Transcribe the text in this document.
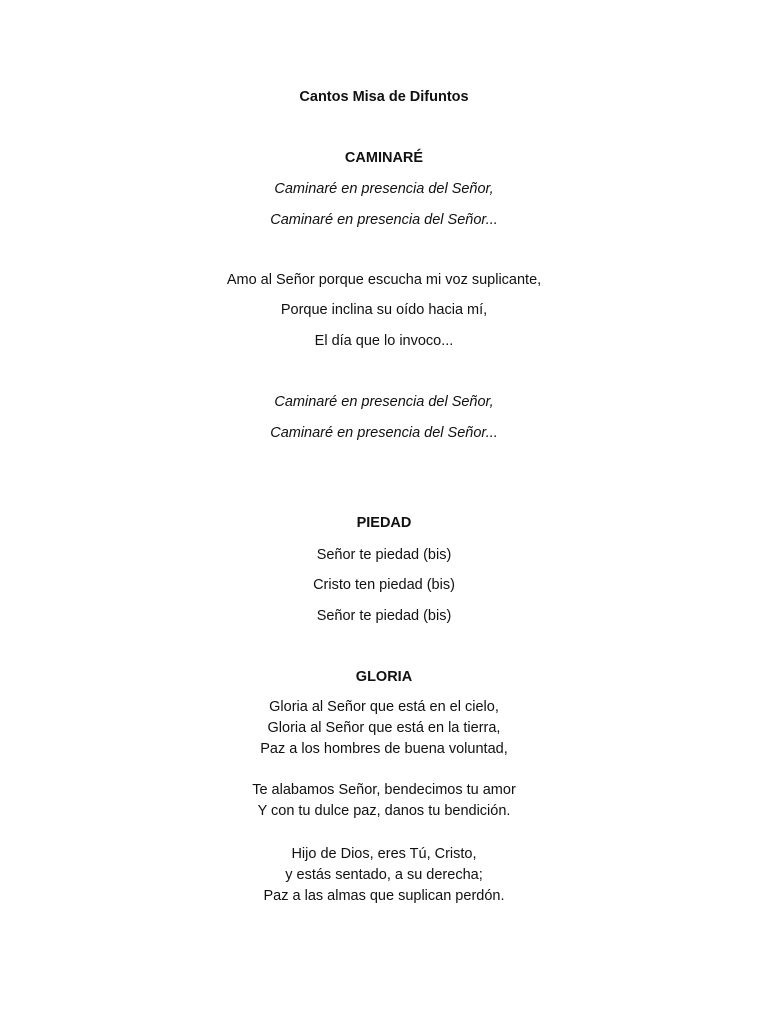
Cantos Misa de Difuntos
CAMINARÉ
Caminaré en presencia del Señor,
Caminaré en presencia del Señor...
Amo al Señor porque escucha mi voz suplicante,
Porque inclina su oído hacia mí,
El día que lo invoco...
Caminaré en presencia del Señor,
Caminaré en presencia del Señor...
PIEDAD
Señor te piedad (bis)
Cristo ten piedad (bis)
Señor te piedad (bis)
GLORIA
Gloria al Señor que está en el cielo,
Gloria al Señor que está en la tierra,
Paz a los hombres de buena voluntad,
Te alabamos Señor, bendecimos tu amor
Y con tu dulce paz, danos tu bendición.
Hijo de Dios, eres Tú, Cristo,
y estás sentado, a su derecha;
Paz a las almas que suplican perdón.
